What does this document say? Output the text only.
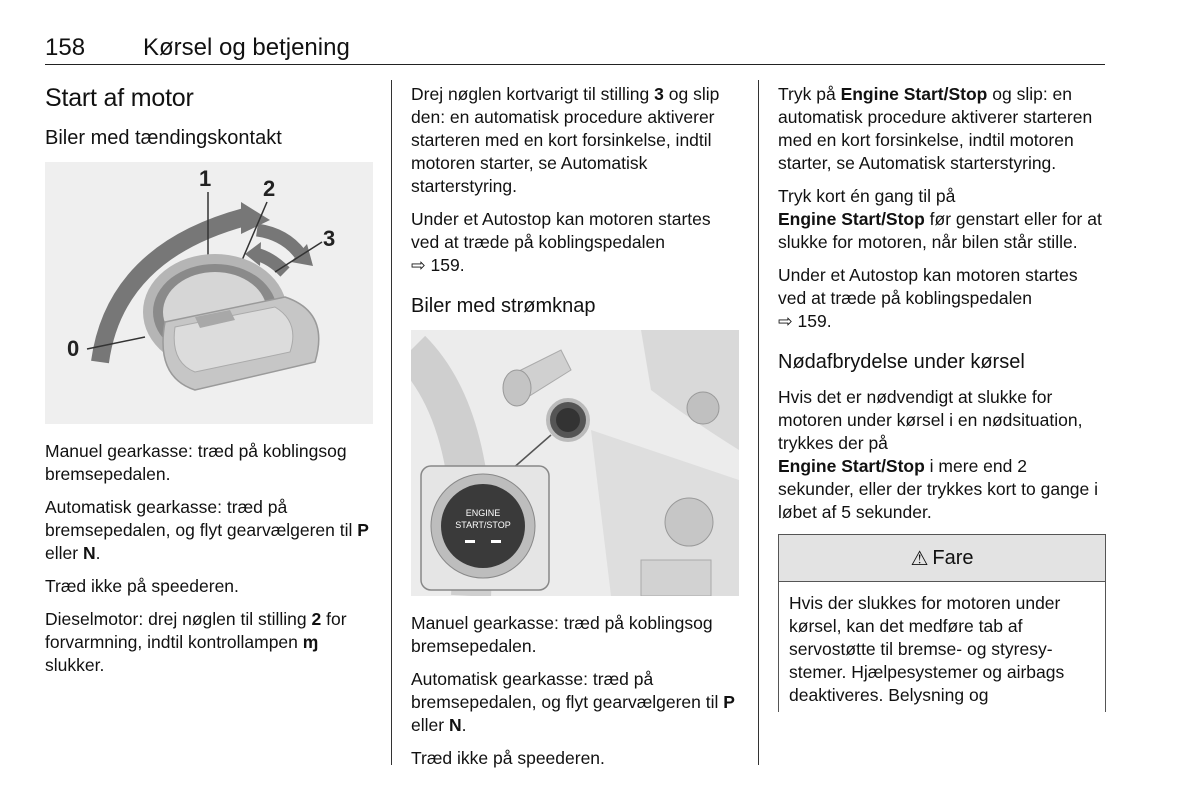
158 Kørsel og betjening
Start af motor
Biler med tændingskontakt
0
1 2
3

Manuel gearkasse: træd på koblingsog bremsepedalen.

Automatisk gearkasse: træd på bremsepedalen, og flyt gearvælgeren til P eller N.

Træd ikke på speederen.

Dieselmotor: drej nøglen til stilling 2 for forvarmning, indtil kontrollampen ɱ slukker.

Drej nøglen kortvarigt til stilling 3 og slip den: en automatisk procedure aktiverer starteren med en kort forsinkelse, indtil motoren starter, se Automatisk starterstyring.

Under et Autostop kan motoren startes ved at træde på koblingspedalen
⇨ 159.

Biler med strømknap
ENGINE
START/STOP

Manuel gearkasse: træd på koblingsog bremsepedalen.

Automatisk gearkasse: træd på bremsepedalen, og flyt gearvælgeren til P eller N.

Træd ikke på speederen.

Tryk på Engine Start/Stop og slip: en automatisk procedure aktiverer starteren med en kort forsinkelse, indtil motoren starter, se Automatisk starterstyring.

Tryk kort én gang til på
Engine Start/Stop før genstart eller for at slukke for motoren, når bilen står stille.

Under et Autostop kan motoren startes ved at træde på koblingspedalen
⇨ 159.

Nødafbrydelse under kørsel

Hvis det er nødvendigt at slukke for motoren under kørsel i en nødsituation, trykkes der på
Engine Start/Stop i mere end 2 sekunder, eller der trykkes kort to gange i løbet af 5 sekunder.

⚠ Fare

Hvis der slukkes for motoren under kørsel, kan det medføre tab af servostøtte til bremse- og styresystemer. Hjælpesystemer og airbags deaktiveres. Belysning og
